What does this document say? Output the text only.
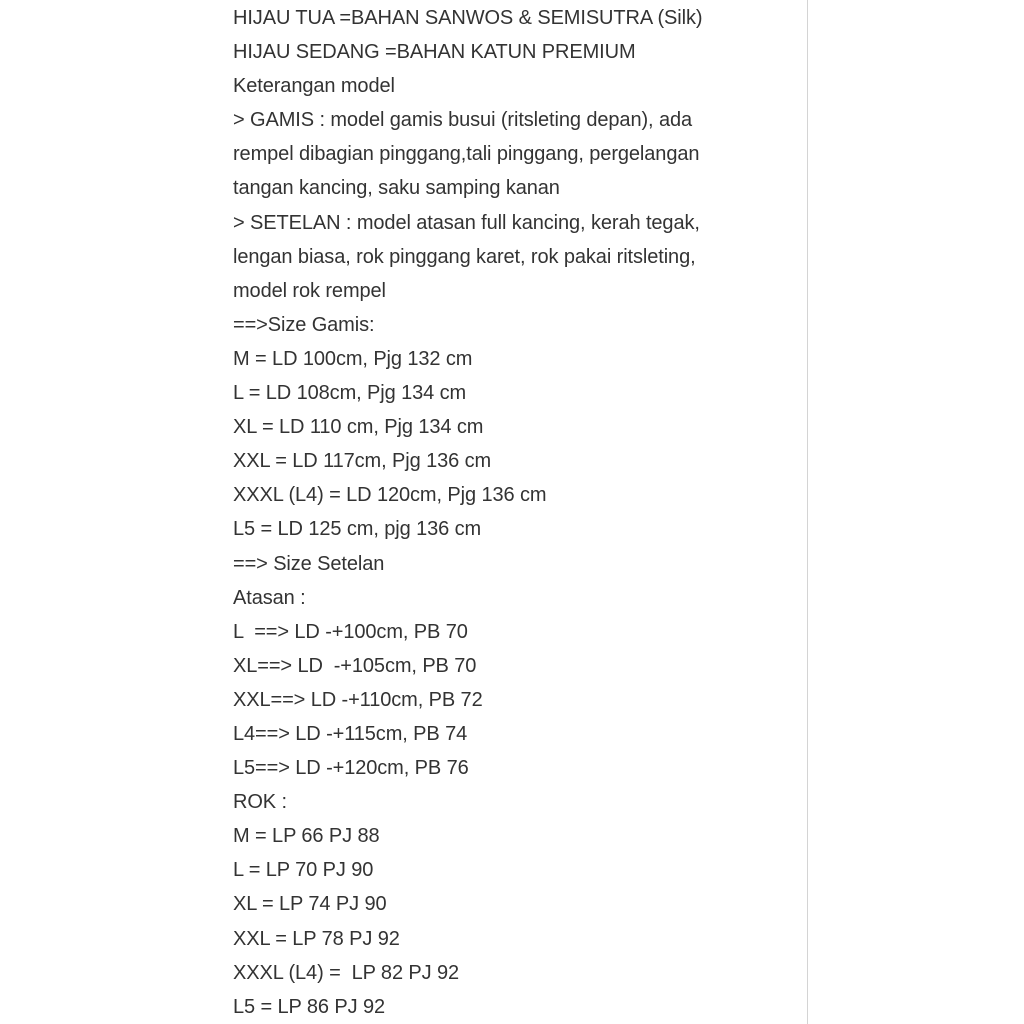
HIJAU TUA =BAHAN SANWOS & SEMISUTRA (Silk)
HIJAU SEDANG =BAHAN KATUN PREMIUM
Keterangan model
> GAMIS : model gamis busui (ritsleting depan), ada
rempel dibagian pinggang,tali pinggang, pergelangan
tangan kancing, saku samping kanan
> SETELAN : model atasan full kancing, kerah tegak,
lengan biasa, rok pinggang karet, rok pakai ritsleting,
model rok rempel
==>Size Gamis:
M = LD 100cm, Pjg 132 cm
L = LD 108cm, Pjg 134 cm
XL = LD 110 cm, Pjg 134 cm
XXL = LD 117cm, Pjg 136 cm
XXXL (L4) = LD 120cm, Pjg 136 cm
L5 = LD 125 cm, pjg 136 cm
==> Size Setelan
Atasan :
L  ==> LD -+100cm, PB 70
XL==> LD  -+105cm, PB 70
XXL==> LD -+110cm, PB 72
L4==> LD -+115cm, PB 74
L5==> LD -+120cm, PB 76
ROK :
M = LP 66 PJ 88
L = LP 70 PJ 90
XL = LP 74 PJ 90
XXL = LP 78 PJ 92
XXXL (L4) =  LP 82 PJ 92
L5 = LP 86 PJ 92
